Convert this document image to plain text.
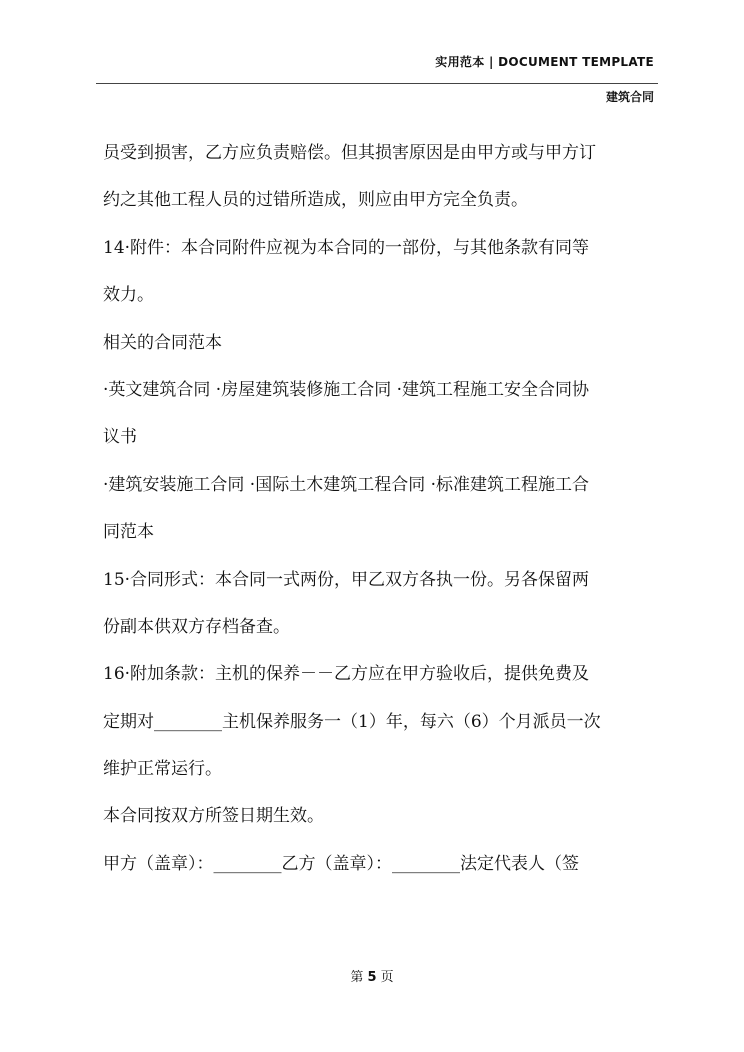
实用范本 | DOCUMENT TEMPLATE
建筑合同
员受到损害，乙方应负责赔偿。但其损害原因是由甲方或与甲方订
约之其他工程人员的过错所造成，则应由甲方完全负责。
14·附件：本合同附件应视为本合同的一部份，与其他条款有同等
效力。
相关的合同范本
·英文建筑合同 ·房屋建筑装修施工合同 ·建筑工程施工安全合同协
议书
·建筑安装施工合同 ·国际土木建筑工程合同 ·标准建筑工程施工合
同范本
15·合同形式：本合同一式两份，甲乙双方各执一份。另各保留两
份副本供双方存档备查。
16·附加条款：主机的保养－－乙方应在甲方验收后，提供免费及
定期对________主机保养服务一（1）年，每六（6）个月派员一次
维护正常运行。
本合同按双方所签日期生效。
甲方（盖章）：________乙方（盖章）：________法定代表人（签
第 5 页
